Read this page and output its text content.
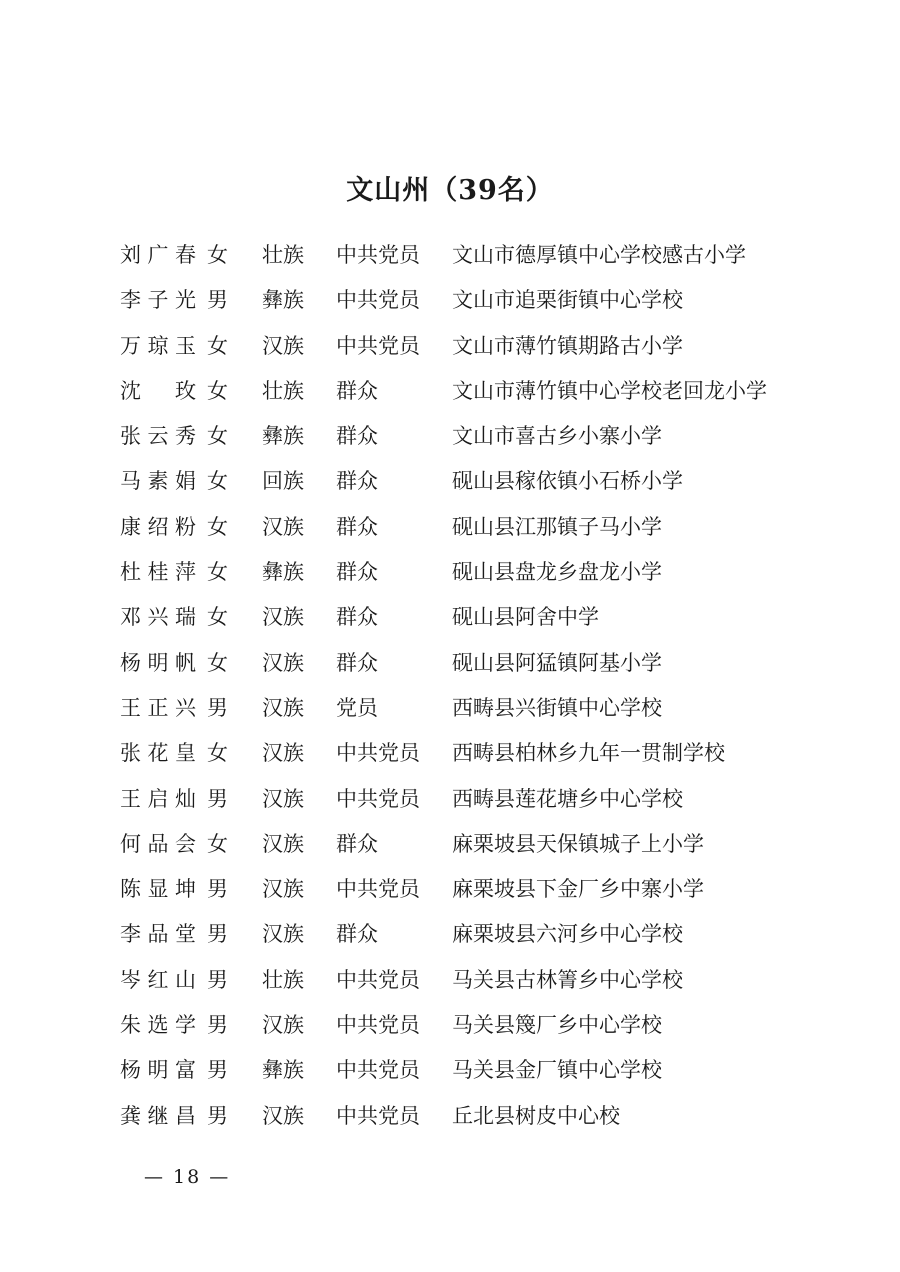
文山州（39名）
刘广春 女 壮族 中共党员 文山市德厚镇中心学校感古小学
李子光 男 彝族 中共党员 文山市追栗街镇中心学校
万琼玉 女 汉族 中共党员 文山市薄竹镇期路古小学
沈玫 女 壮族 群众	文山市薄竹镇中心学校老回龙小学
张云秀 女 彝族 群众	文山市喜古乡小寨小学
马素娟 女 回族 群众	砚山县稼依镇小石桥小学
康绍粉 女 汉族 群众	砚山县江那镇子马小学
杜桂萍 女 彝族 群众	砚山县盘龙乡盘龙小学
邓兴瑞 女 汉族 群众	砚山县阿舍中学
杨明帆 女 汉族 群众	砚山县阿猛镇阿基小学
王正兴 男 汉族 党员	西畴县兴街镇中心学校
张花皇 女 汉族 中共党员 西畴县柏林乡九年一贯制学校
王启灿 男 汉族 中共党员 西畴县莲花塘乡中心学校
何品会 女 汉族 群众	麻栗坡县天保镇城子上小学
陈显坤 男 汉族 中共党员 麻栗坡县下金厂乡中寨小学
李品堂 男 汉族 群众	麻栗坡县六河乡中心学校
岑红山 男 壮族 中共党员 马关县古林箐乡中心学校
朱选学 男 汉族 中共党员 马关县篾厂乡中心学校
杨明富 男 彝族 中共党员 马关县金厂镇中心学校
龚继昌 男 汉族 中共党员 丘北县树皮中心校
— 18 —
